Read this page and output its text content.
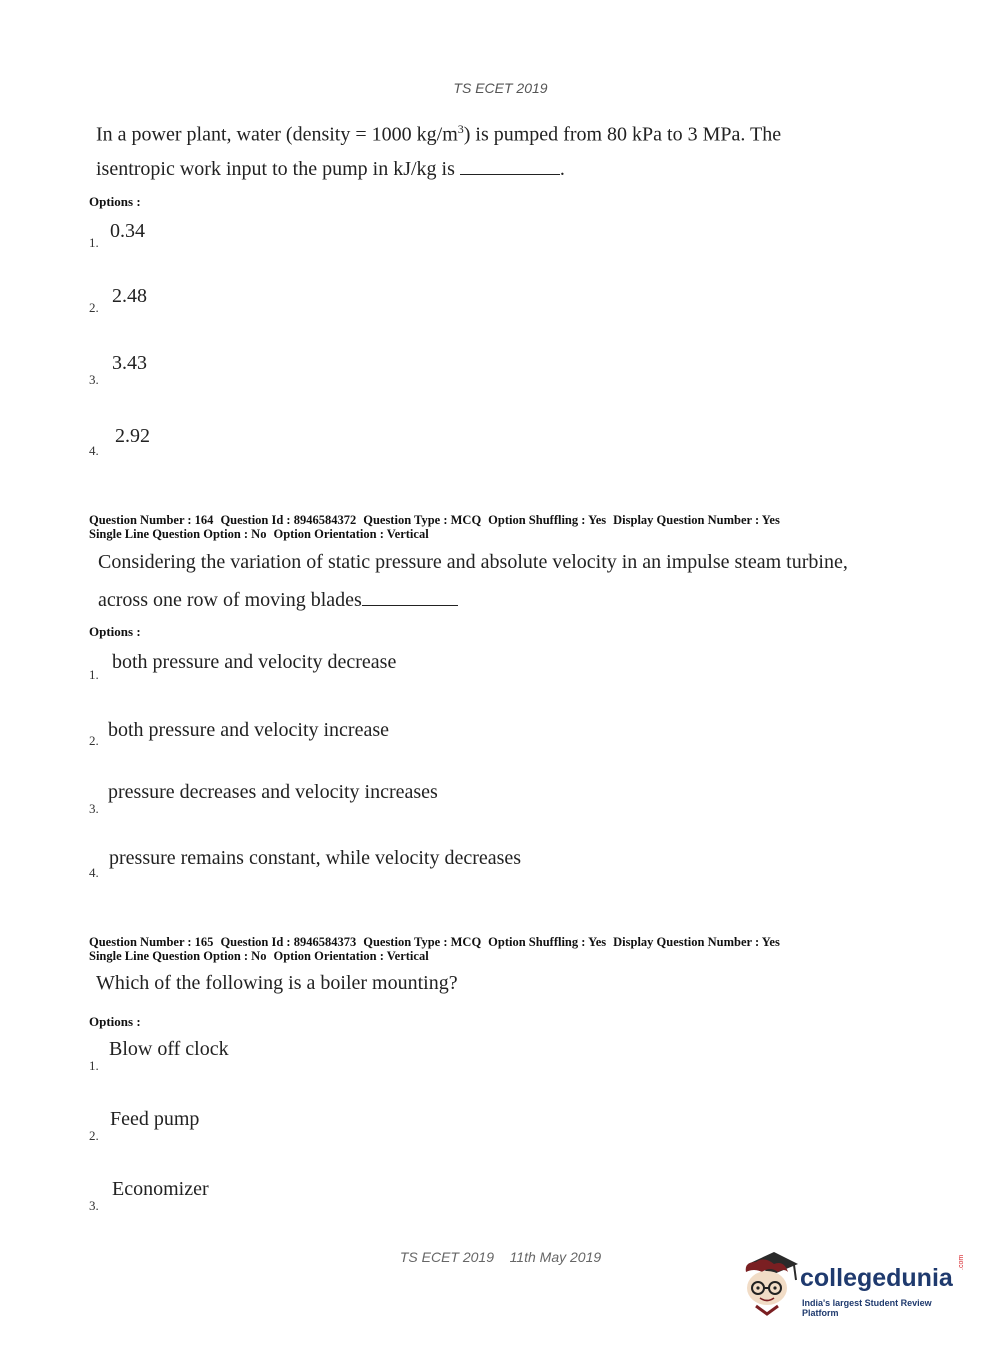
TS ECET 2019
In a power plant, water (density = 1000 $kg/m^3$) is pumped from 80 kPa to 3 MPa. The
isentropic work input to the pump in kJ/kg is	.
Options :
1.
0.34
2.
2.48
3.
3.43
4.
2.92
Question Number : 164 Question Id : 8946584372 Question Type : MCQ Option Shuffling : Yes Display Question Number : Yes
Single Line Question Option : No Option Orientation : Vertical
Considering the variation of static pressure and absolute velocity in an impulse steam turbine,
across one row of moving blades
Options :
1.
both pressure and velocity decrease
2. both pressure and velocity increase
3.
pressure decreases and velocity increases
4.
pressure remains constant, while velocity decreases
Question Number : 165 Question Id : 8946584373 Question Type : MCQ Option Shuffling : Yes Display Question Number : Yes
Single Line Question Option : No Option Orientation : Vertical
Which of the following is a boiler mounting?
Options :
1.
Blow off clock
2.
Feed pump
3.
Economizer
TS ECET 2019 11th May 2019
collegedunia
.com
India's largest Student Review Platform
